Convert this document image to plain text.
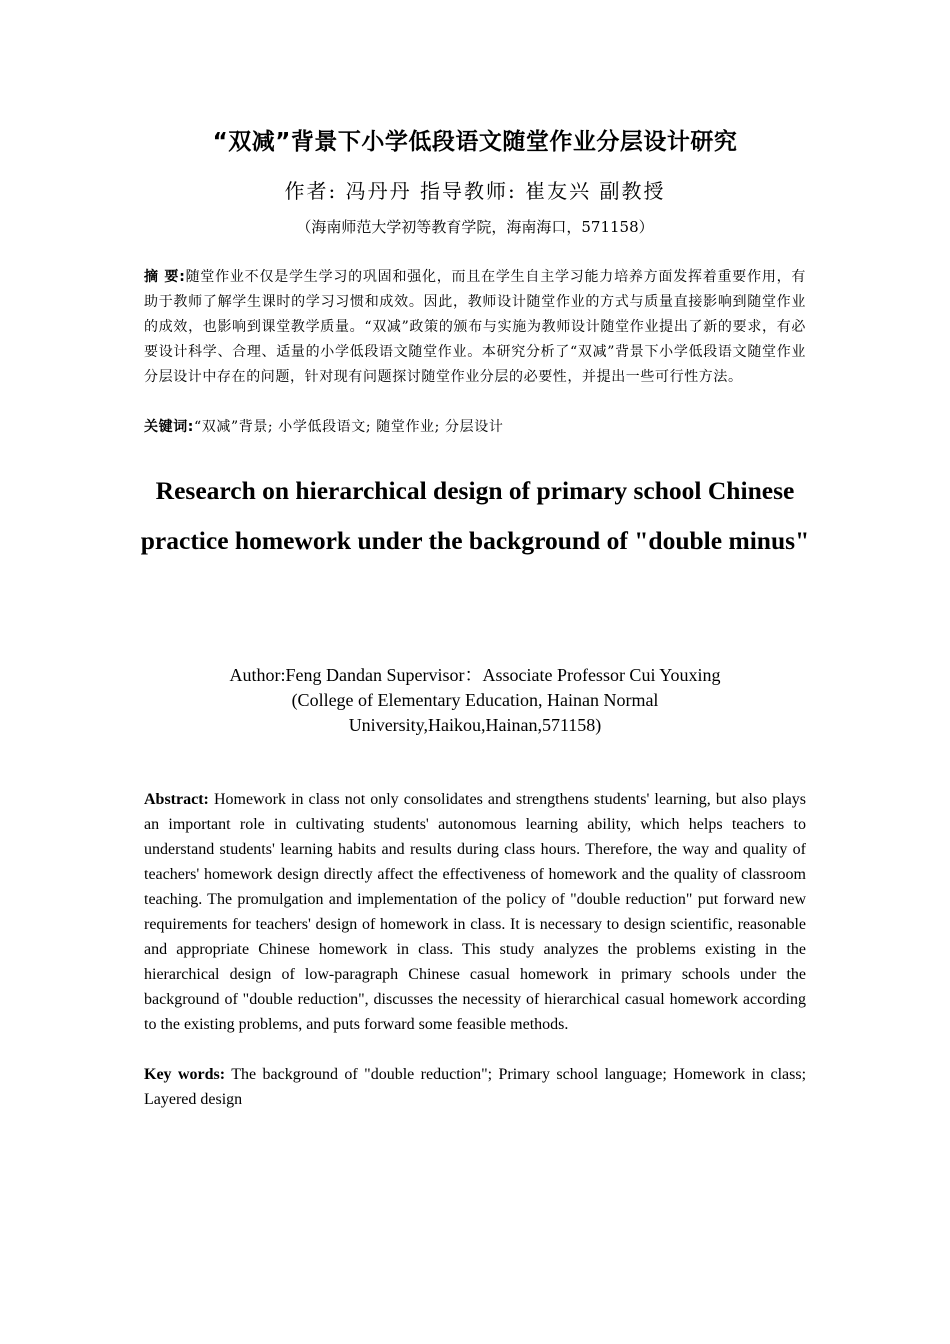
“双减”背景下小学低段语文随堂作业分层设计研究
作者: 冯丹丹 指导教师: 崔友兴 副教授
（海南师范大学初等教育学院，海南海口，571158）
摘 要:随堂作业不仅是学生学习的巩固和强化，而且在学生自主学习能力培养方面发挥着重要作用，有助于教师了解学生课时的学习习惯和成效。因此，教师设计随堂作业的方式与质量直接影响到随堂作业的成效，也影响到课堂教学质量。“双减”政策的颁布与实施为教师设计随堂作业提出了新的要求，有必要设计科学、合理、适量的小学低段语文随堂作业。本研究分析了“双减”背景下小学低段语文随堂作业分层设计中存在的问题，针对现有问题探讨随堂作业分层的必要性，并提出一些可行性方法。
关键词:“双减”背景; 小学低段语文; 随堂作业; 分层设计
Research on hierarchical design of primary school Chinese practice homework under the background of "double minus"
Author:Feng Dandan Supervisor：Associate Professor Cui Youxing
(College of Elementary Education, Hainan Normal University,Haikou,Hainan,571158)
Abstract: Homework in class not only consolidates and strengthens students' learning, but also plays an important role in cultivating students' autonomous learning ability, which helps teachers to understand students' learning habits and results during class hours. Therefore, the way and quality of teachers' homework design directly affect the effectiveness of homework and the quality of classroom teaching. The promulgation and implementation of the policy of "double reduction" put forward new requirements for teachers' design of homework in class. It is necessary to design scientific, reasonable and appropriate Chinese homework in class. This study analyzes the problems existing in the hierarchical design of low-paragraph Chinese casual homework in primary schools under the background of "double reduction", discusses the necessity of hierarchical casual homework according to the existing problems, and puts forward some feasible methods.
Key words: The background of "double reduction"; Primary school language; Homework in class; Layered design
